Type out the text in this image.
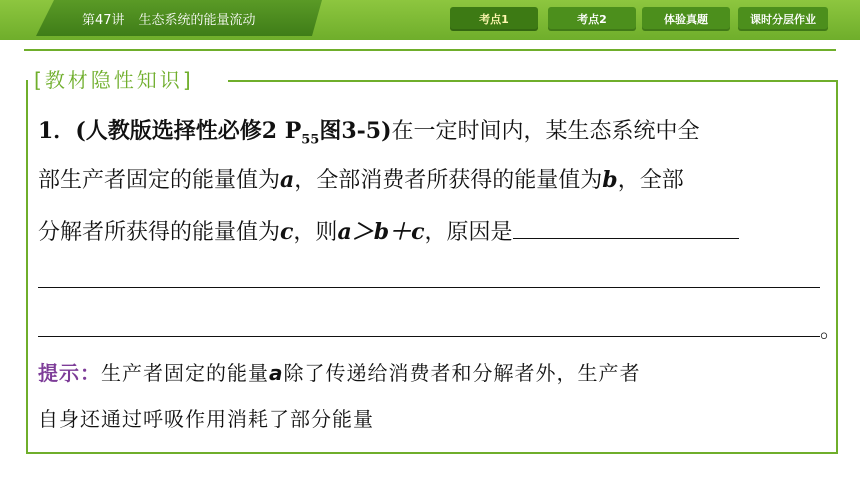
第47讲 生态系统的能量流动	考点1	考点2	体验真题	课时分层作业
[教材隐性知识]
1．(人教版选择性必修2 $P_{55}$图3-5)在一定时间内，某生态系统中全
部生产者固定的能量值为a，全部消费者所获得的能量值为b，全部
分解者所获得的能量值为c，则a＞b＋c，原因是
。
提示：生产者固定的能量a除了传递给消费者和分解者外，生产者
自身还通过呼吸作用消耗了部分能量
